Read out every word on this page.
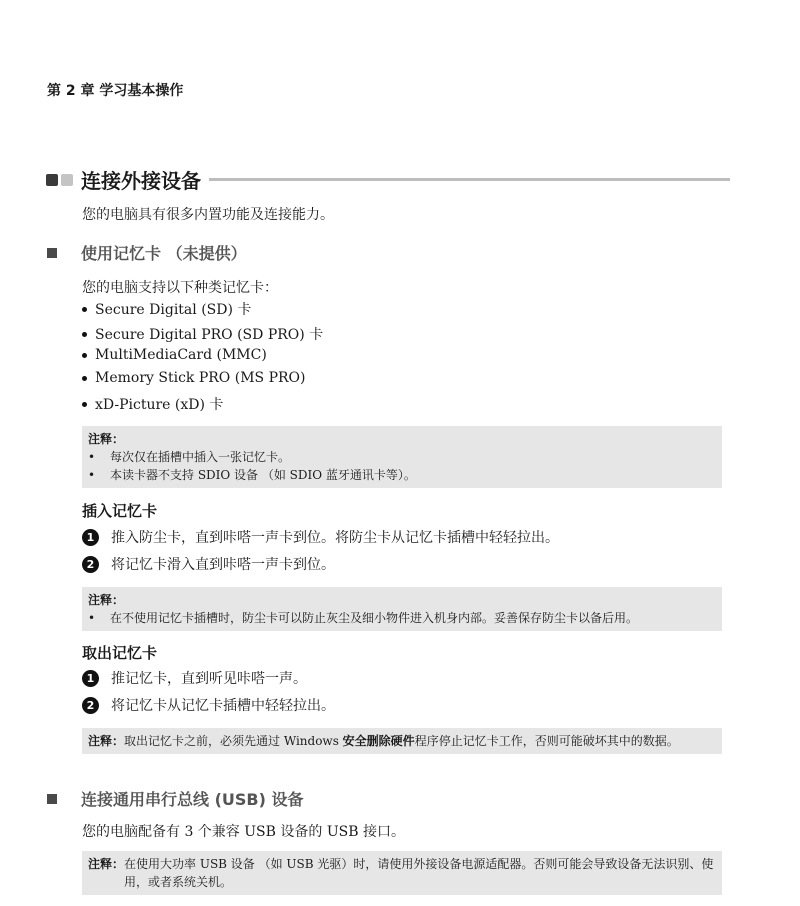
第 2 章 学习基本操作
连接外接设备
您的电脑具有很多内置功能及连接能力。
使用记忆卡 （未提供）
您的电脑支持以下种类记忆卡：
Secure Digital (SD) 卡
Secure Digital PRO (SD PRO) 卡
MultiMediaCard (MMC)
Memory Stick PRO (MS PRO)
xD-Picture (xD) 卡
注释：
•	每次仅在插槽中插入一张记忆卡。
•	本读卡器不支持 SDIO 设备 （如 SDIO 蓝牙通讯卡等）。
插入记忆卡
1	推入防尘卡，直到咔嗒一声卡到位。将防尘卡从记忆卡插槽中轻轻拉出。
2	将记忆卡滑入直到咔嗒一声卡到位。
注释：
•	在不使用记忆卡插槽时，防尘卡可以防止灰尘及细小物件进入机身内部。妥善保存防尘卡以备后用。
取出记忆卡
1	推记忆卡，直到听见咔嗒一声。
2	将记忆卡从记忆卡插槽中轻轻拉出。
注释： 取出记忆卡之前，必须先通过 Windows 安全删除硬件程序停止记忆卡工作，否则可能破坏其中的数据。
连接通用串行总线 (USB) 设备
您的电脑配备有 3 个兼容 USB 设备的 USB 接口。
注释： 在使用大功率 USB 设备 （如 USB 光驱）时，请使用外接设备电源适配器。否则可能会导致设备无法识别、使用，或者系统关机。
